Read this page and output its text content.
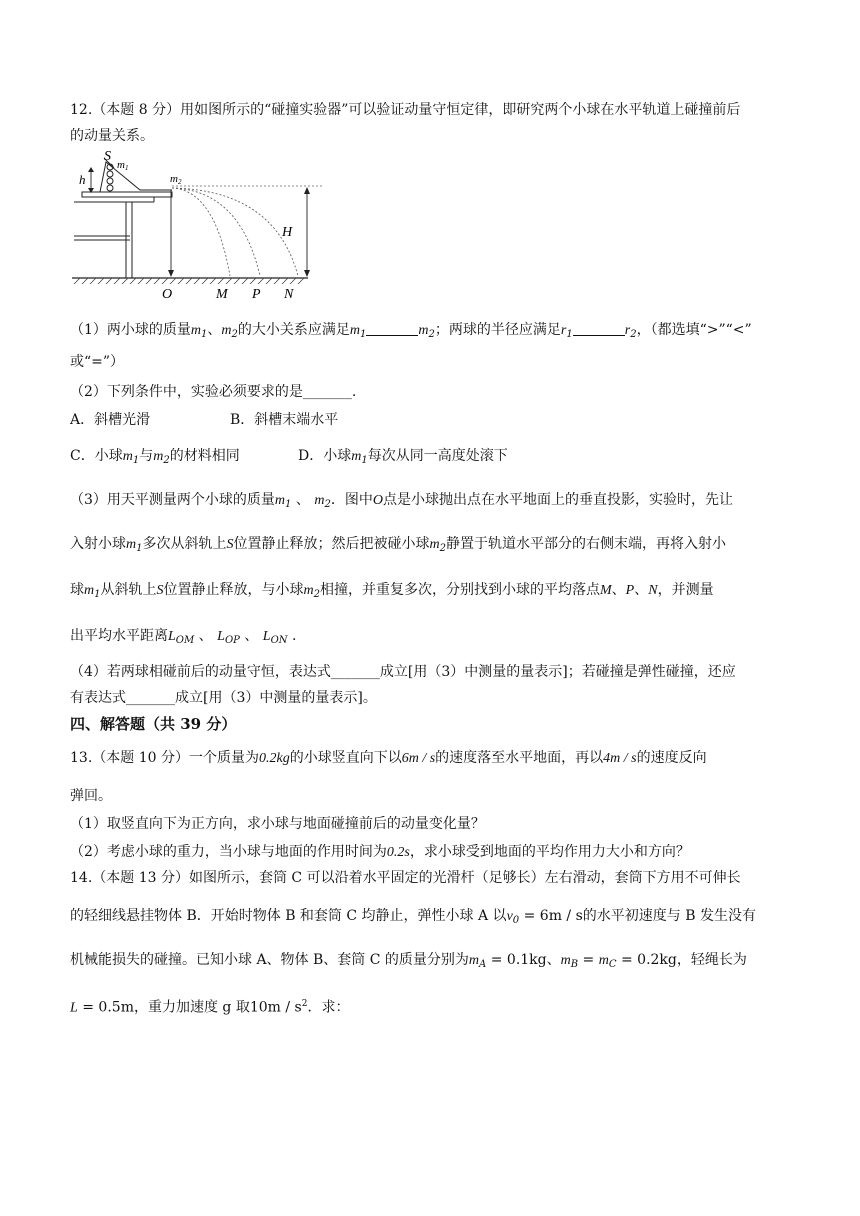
12.（本题 8 分）用如图所示的“碰撞实验器”可以验证动量守恒定律，即研究两个小球在水平轨道上碰撞前后
的动量关系。
S
m1
m2
h
H
O	M P N
（1）两小球的质量$m_1$、$m_2$的大小关系应满足$m_1$	$m_2$；两球的半径应满足$r_1$	$r_2$，（都选填“>”“<”
或“=”）
（2）下列条件中，实验必须要求的是_______.
A．斜槽光滑	B．斜槽末端水平
C．小球$m_1$与$m_2$的材料相同	D．小球$m_1$每次从同一高度处滚下
（3）用天平测量两个小球的质量$m_1$ 、 $m_2$．图中O点是小球抛出点在水平地面上的垂直投影，实验时，先让
入射小球$m_1$多次从斜轨上S位置静止释放；然后把被碰小球$m_2$静置于轨道水平部分的右侧末端，再将入射小
球$m_1$从斜轨上S位置静止释放，与小球$m_2$相撞，并重复多次，分别找到小球的平均落点M、P、N，并测量
出平均水平距离$L_{OM}$ 、 $L_{OP}$ 、 $L_{ON}$ .
（4）若两球相碰前后的动量守恒，表达式_______成立[用（3）中测量的量表示]；若碰撞是弹性碰撞，还应
有表达式_______成立[用（3）中测量的量表示]。
四、解答题（共 39 分）
13.（本题 10 分）一个质量为0.2kg的小球竖直向下以6m / s的速度落至水平地面，再以4m / s的速度反向
弹回。
（1）取竖直向下为正方向，求小球与地面碰撞前后的动量变化量？
（2）考虑小球的重力，当小球与地面的作用时间为0.2s，求小球受到地面的平均作用力大小和方向？
14.（本题 13 分）如图所示，套筒 C 可以沿着水平固定的光滑杆（足够长）左右滑动，套筒下方用不可伸长
的轻细线悬挂物体 B．开始时物体 B 和套筒 C 均静止，弹性小球 A 以$v_0 = 6m / s$的水平初速度与 B 发生没有
机械能损失的碰撞。已知小球 A、物体 B、套筒 C 的质量分别为$m_A = 0.1kg$、$m_B = m_C = 0.2kg$，轻绳长为
L = 0.5m，重力加速度 g 取$10m / s^2$．求：
